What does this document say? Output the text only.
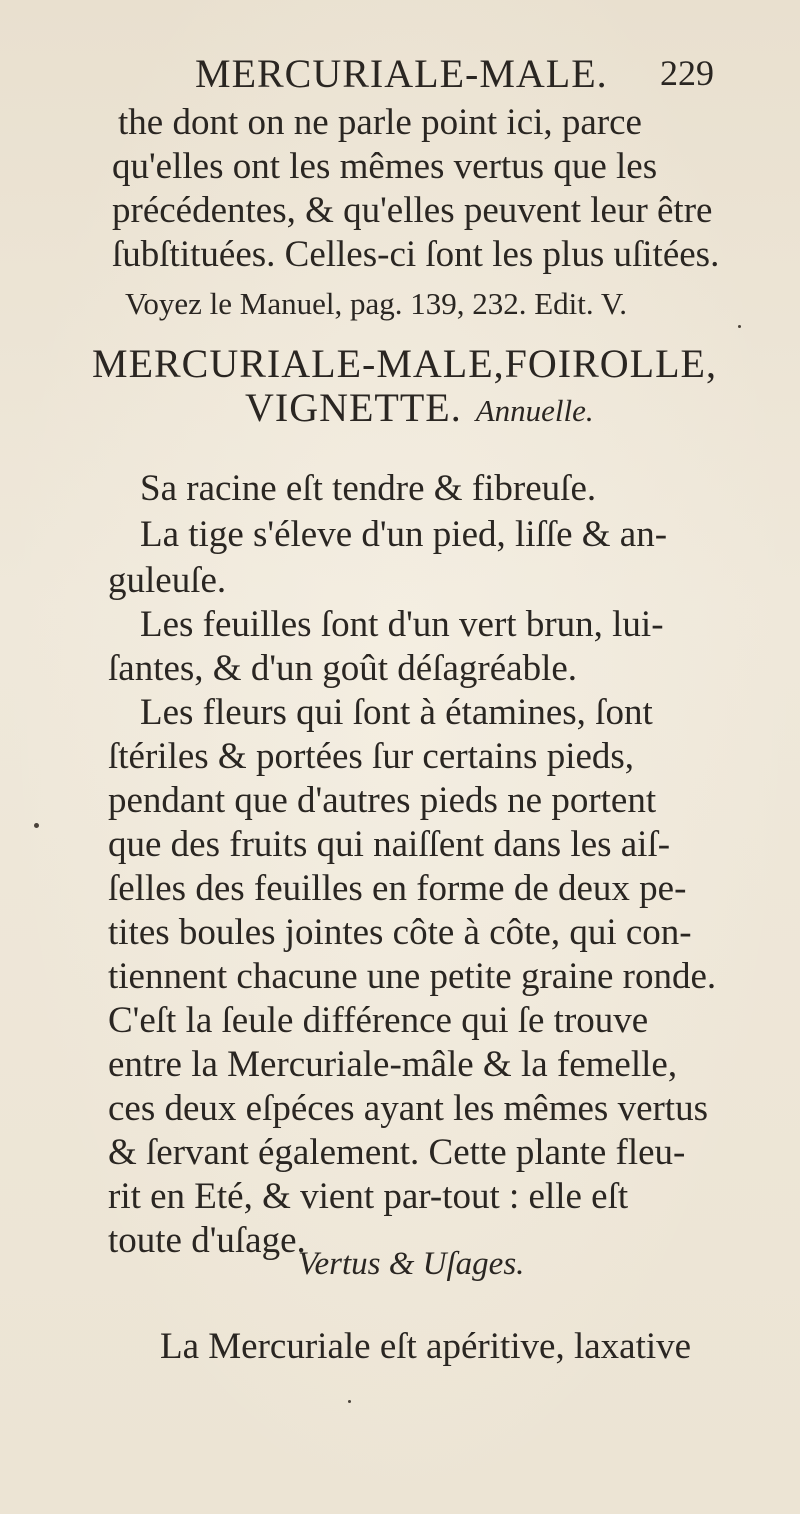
MERCURIALE-MALE. 229
the dont on ne parle point ici, parce
qu'elles ont les mêmes vertus que les
précédentes, & qu'elles peuvent leur être
ſubſtituées. Celles-ci ſont les plus uſitées.
Voyez le Manuel, pag. 139, 232. Edit. V.
MERCURIALE-MALE,FOIROLLE,
VIGNETTE. Annuelle.
Sa racine eſt tendre & fibreuſe.
La tige s'éleve d'un pied, liſſe & an-
guleuſe.
Les feuilles ſont d'un vert brun, lui-
ſantes, & d'un goût déſagréable.
Les fleurs qui ſont à étamines, ſont
ſtériles & portées ſur certains pieds,
pendant que d'autres pieds ne portent
que des fruits qui naiſſent dans les aiſ-
ſelles des feuilles en forme de deux pe-
tites boules jointes côte à côte, qui con-
tiennent chacune une petite graine ronde.
C'eſt la ſeule différence qui ſe trouve
entre la Mercuriale-mâle & la femelle,
ces deux eſpéces ayant les mêmes vertus
& ſervant également. Cette plante fleu-
rit en Eté, & vient par-tout : elle eſt
toute d'uſage.
Vertus & Uſages.
La Mercuriale eſt apéritive, laxative
